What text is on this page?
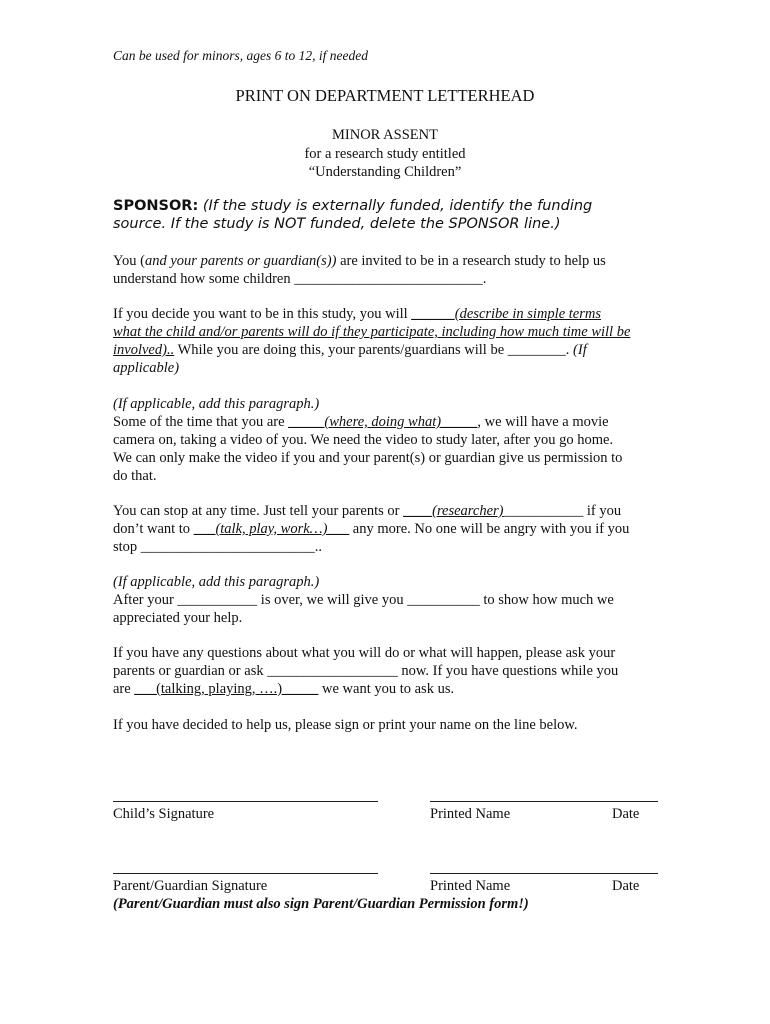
Can be used for minors, ages 6 to 12, if needed
PRINT ON DEPARTMENT LETTERHEAD
MINOR ASSENT
for a research study entitled
“Understanding Children”
SPONSOR: (If the study is externally funded, identify the funding
source. If the study is NOT funded, delete the SPONSOR line.)
You (and your parents or guardian(s)) are invited to be in a research study to help us
understand how some children __________________________.
If you decide you want to be in this study, you will ______(describe in simple terms
what the child and/or parents will do if they participate, including how much time will be
involved).. While you are doing this, your parents/guardians will be ________. (If
applicable)
(If applicable, add this paragraph.)
Some of the time that you are _____(where, doing what)_____, we will have a movie
camera on, taking a video of you. We need the video to study later, after you go home.
We can only make the video if you and your parent(s) or guardian give us permission to
do that.
You can stop at any time. Just tell your parents or ____(researcher)___________ if you
don’t want to ___(talk, play, work…)___ any more. No one will be angry with you if you
stop ________________________..
(If applicable, add this paragraph.)
After your ___________ is over, we will give you __________ to show how much we
appreciated your help.
If you have any questions about what you will do or what will happen, please ask your
parents or guardian or ask __________________ now. If you have questions while you
are ___(talking, playing, ….)_____ we want you to ask us.
If you have decided to help us, please sign or print your name on the line below.
Child’s Signature	Printed Name	Date
Parent/Guardian Signature	Printed Name	Date
(Parent/Guardian must also sign Parent/Guardian Permission form!)
